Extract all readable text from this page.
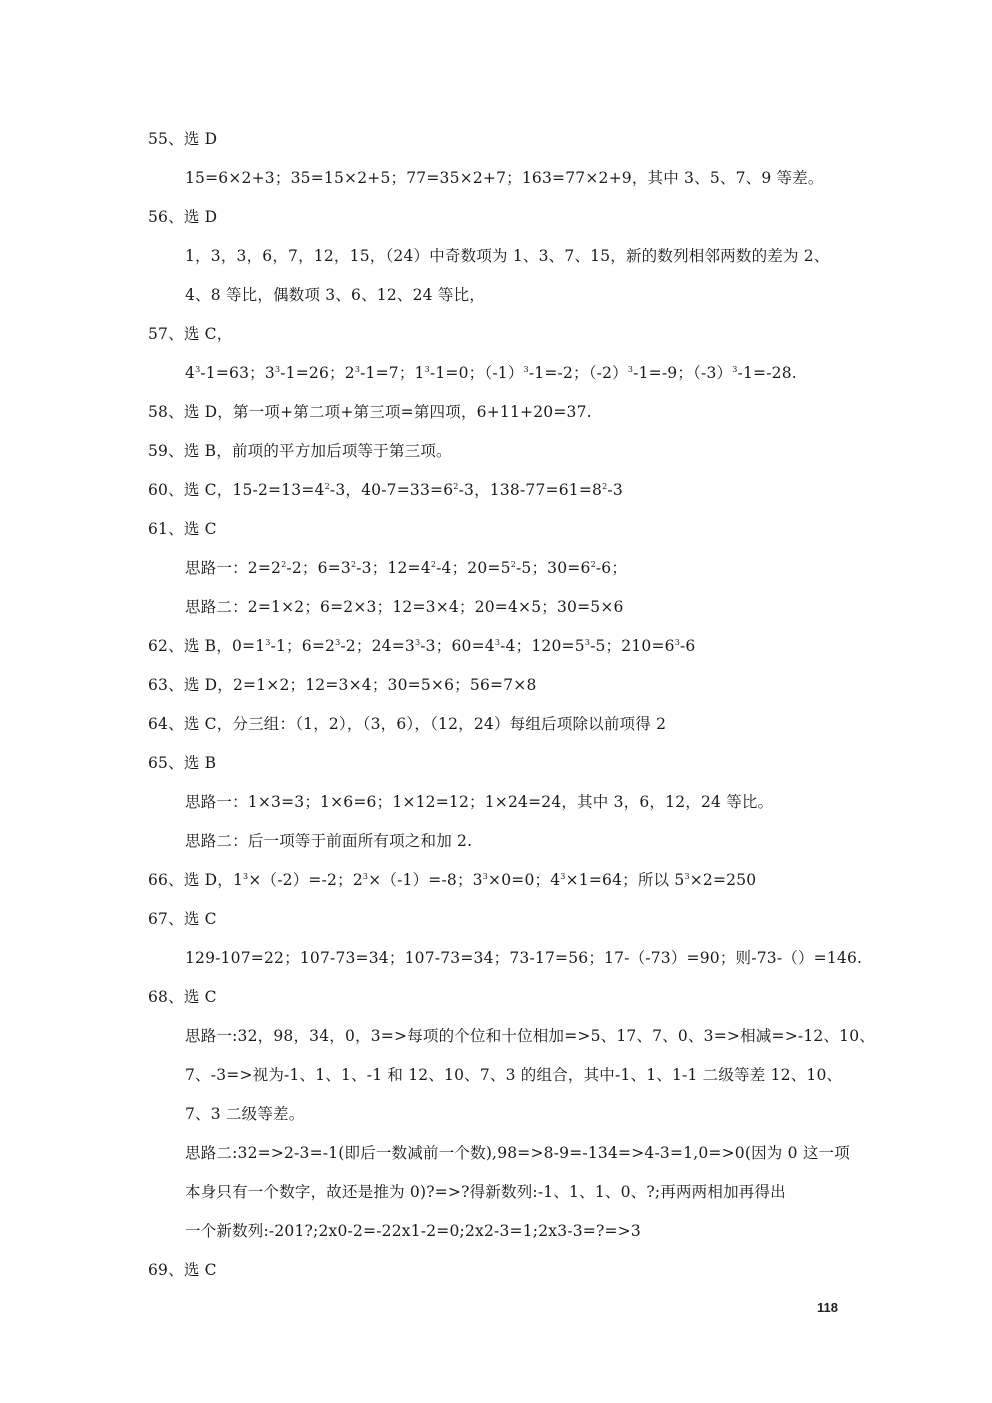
55、选 D
15=6×2+3；35=15×2+5；77=35×2+7；163=77×2+9，其中 3、5、7、9 等差。
56、选 D
1，3，3，6，7，12，15，（24）中奇数项为 1、3、7、15，新的数列相邻两数的差为 2、
4、8 等比，偶数项 3、6、12、24 等比，
57、选 C，
$4^3-1=63$；$3^3-1=26$；$2^3-1=7$；$1^3-1=0$；$(-1)^3-1=-2$；$(-2)^3-1=-9$；$(-3)^3-1=-28$.
58、选 D，第一项+第二项+第三项=第四项，6+11+20=37.
59、选 B，前项的平方加后项等于第三项。
60、选 C，$15-2=13=4^2-3$，$40-7=33=6^2-3$，$138-77=61=8^2-3$
61、选 C
思路一：$2=2^2-2$；$6=3^2-3$；$12=4^2-4$；$20=5^2-5$；$30=6^2-6$；
思路二：2=1×2；6=2×3；12=3×4；20=4×5；30=5×6
62、选 B，$0=1^3-1$；$6=2^3-2$；$24=3^3-3$；$60=4^3-4$；$120=5^3-5$；$210=6^3-6$
63、选 D，2=1×2；12=3×4；30=5×6；56=7×8
64、选 C，分三组：（1，2），（3，6），（12，24）每组后项除以前项得 2
65、选 B
思路一：1×3=3；1×6=6；1×12=12；1×24=24，其中 3，6，12，24 等比。
思路二：后一项等于前面所有项之和加 2.
66、选 D，$1^3\times(-2)=-2$；$2^3\times(-1)=-8$；$3^3\times 0=0$；$4^3\times 1=64$；所以 $5^3\times 2=250$
67、选 C
129-107=22；107-73=34；107-73=34；73-17=56；17-（-73）=90；则-73-（）=146.
68、选 C
思路一:32，98，34，0，3=>每项的个位和十位相加=>5、17、7、0、3=>相减=>-12、10、
7、-3=>视为-1、1、1、-1 和 12、10、7、3 的组合，其中-1、1、1-1 二级等差 12、10、
7、3 二级等差。
思路二:32=>2-3=-1(即后一数减前一个数),98=>8-9=-134=>4-3=1,0=>0(因为 0 这一项
本身只有一个数字，故还是推为 0)?=>?得新数列:-1、1、1、0、?;再两两相加再得出
一个新数列:-201?;2x0-2=-22x1-2=0;2x2-3=1;2x3-3=?=>3
69、选 C
118
